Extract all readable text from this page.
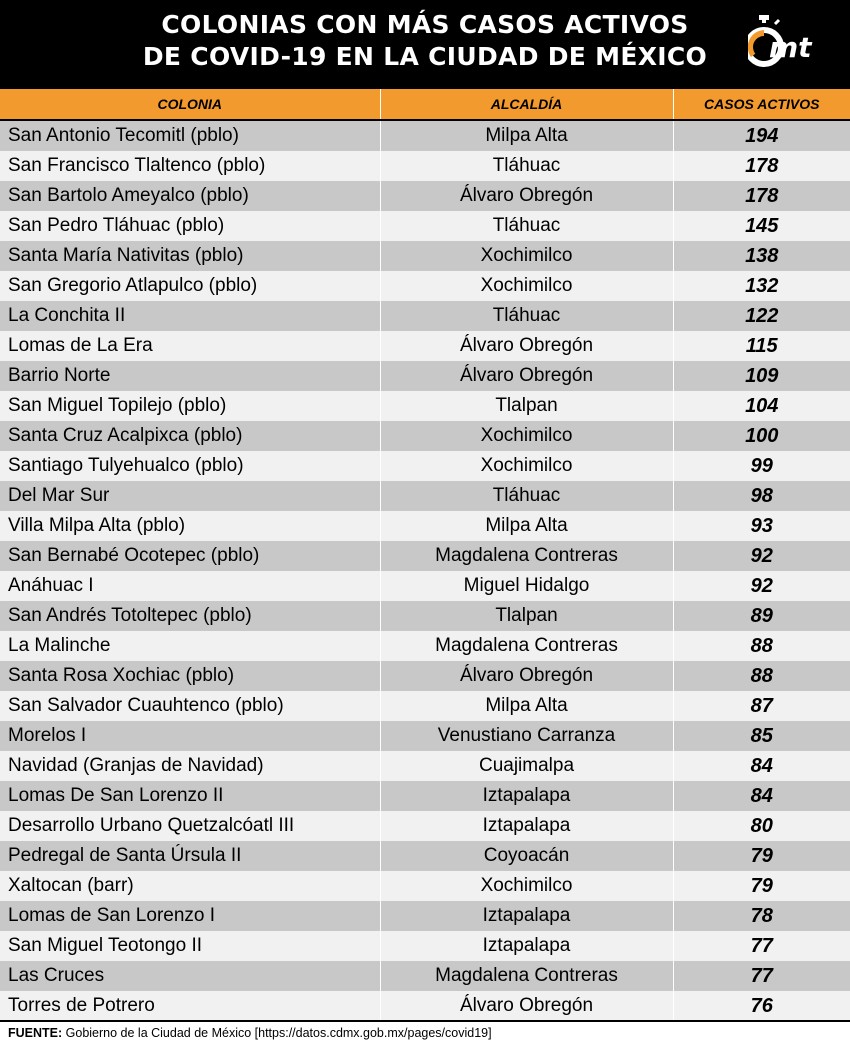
COLONIAS CON MÁS CASOS ACTIVOS
DE COVID-19 EN LA CIUDAD DE MÉXICO	mt
COLONIA	ALCALDÍA	CASOS ACTIVOS
San Antonio Tecomitl (pblo)	Milpa Alta	194
San Francisco Tlaltenco (pblo)	Tláhuac	178
San Bartolo Ameyalco (pblo)	Álvaro Obregón	178
San Pedro Tláhuac (pblo)	Tláhuac	145
Santa María Nativitas (pblo)	Xochimilco	138
San Gregorio Atlapulco (pblo)	Xochimilco	132
La Conchita II	Tláhuac	122
Lomas de La Era	Álvaro Obregón	115
Barrio Norte	Álvaro Obregón	109
San Miguel Topilejo (pblo)	Tlalpan	104
Santa Cruz Acalpixca (pblo)	Xochimilco	100
Santiago Tulyehualco (pblo)	Xochimilco	99
Del Mar Sur	Tláhuac	98
Villa Milpa Alta (pblo)	Milpa Alta	93
San Bernabé Ocotepec (pblo)	Magdalena Contreras	92
Anáhuac I	Miguel Hidalgo	92
San Andrés Totoltepec (pblo)	Tlalpan	89
La Malinche	Magdalena Contreras	88
Santa Rosa Xochiac (pblo)	Álvaro Obregón	88
San Salvador Cuauhtenco (pblo)	Milpa Alta	87
Morelos I	Venustiano Carranza	85
Navidad (Granjas de Navidad)	Cuajimalpa	84
Lomas De San Lorenzo II	Iztapalapa	84
Desarrollo Urbano Quetzalcóatl III	Iztapalapa	80
Pedregal de Santa Úrsula II	Coyoacán	79
Xaltocan (barr)	Xochimilco	79
Lomas de San Lorenzo I	Iztapalapa	78
San Miguel Teotongo II	Iztapalapa	77
Las Cruces	Magdalena Contreras	77
Torres de Potrero	Álvaro Obregón	76
FUENTE: Gobierno de la Ciudad de México [https://datos.cdmx.gob.mx/pages/covid19]
